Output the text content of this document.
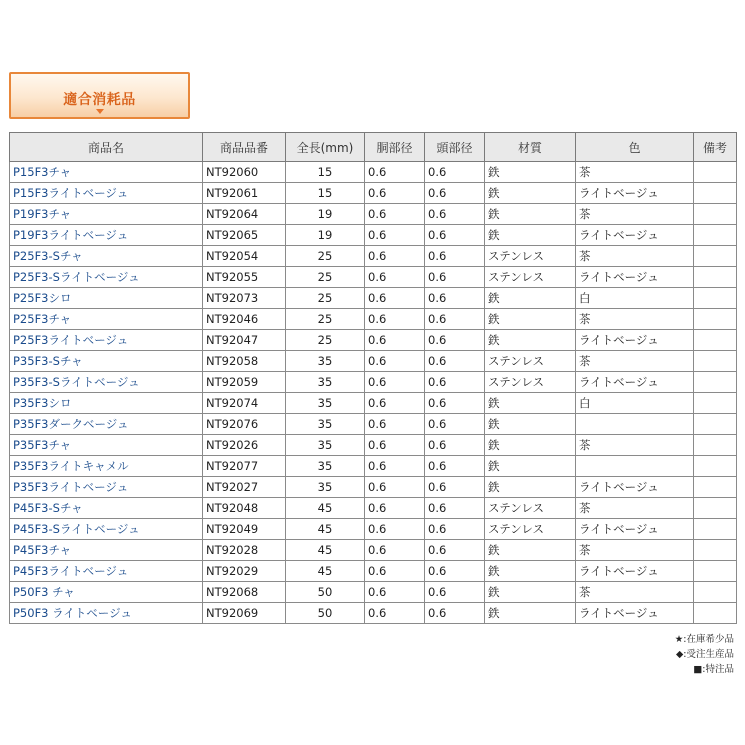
適合消耗品
商品名	商品品番	全長(mm)	胴部径	頭部径	材質	色	備考
P15F3チャ	NT92060	15	0.6	0.6	鉄	茶	
P15F3ライトベージュ	NT92061	15	0.6	0.6	鉄	ライトベージュ	
P19F3チャ	NT92064	19	0.6	0.6	鉄	茶	
P19F3ライトベージュ	NT92065	19	0.6	0.6	鉄	ライトベージュ	
P25F3-Sチャ	NT92054	25	0.6	0.6	ステンレス	茶	
P25F3-Sライトベージュ	NT92055	25	0.6	0.6	ステンレス	ライトベージュ	
P25F3シロ	NT92073	25	0.6	0.6	鉄	白	
P25F3チャ	NT92046	25	0.6	0.6	鉄	茶	
P25F3ライトベージュ	NT92047	25	0.6	0.6	鉄	ライトベージュ	
P35F3-Sチャ	NT92058	35	0.6	0.6	ステンレス	茶	
P35F3-Sライトベージュ	NT92059	35	0.6	0.6	ステンレス	ライトベージュ	
P35F3シロ	NT92074	35	0.6	0.6	鉄	白	
P35F3ダークベージュ	NT92076	35	0.6	0.6	鉄		
P35F3チャ	NT92026	35	0.6	0.6	鉄	茶	
P35F3ライトキャメル	NT92077	35	0.6	0.6	鉄		
P35F3ライトベージュ	NT92027	35	0.6	0.6	鉄	ライトベージュ	
P45F3-Sチャ	NT92048	45	0.6	0.6	ステンレス	茶	
P45F3-Sライトベージュ	NT92049	45	0.6	0.6	ステンレス	ライトベージュ	
P45F3チャ	NT92028	45	0.6	0.6	鉄	茶	
P45F3ライトベージュ	NT92029	45	0.6	0.6	鉄	ライトベージュ	
P50F3 チャ	NT92068	50	0.6	0.6	鉄	茶	
P50F3 ライトベージュ	NT92069	50	0.6	0.6	鉄	ライトベージュ	
★:在庫希少品
◆:受注生産品
■:特注品
